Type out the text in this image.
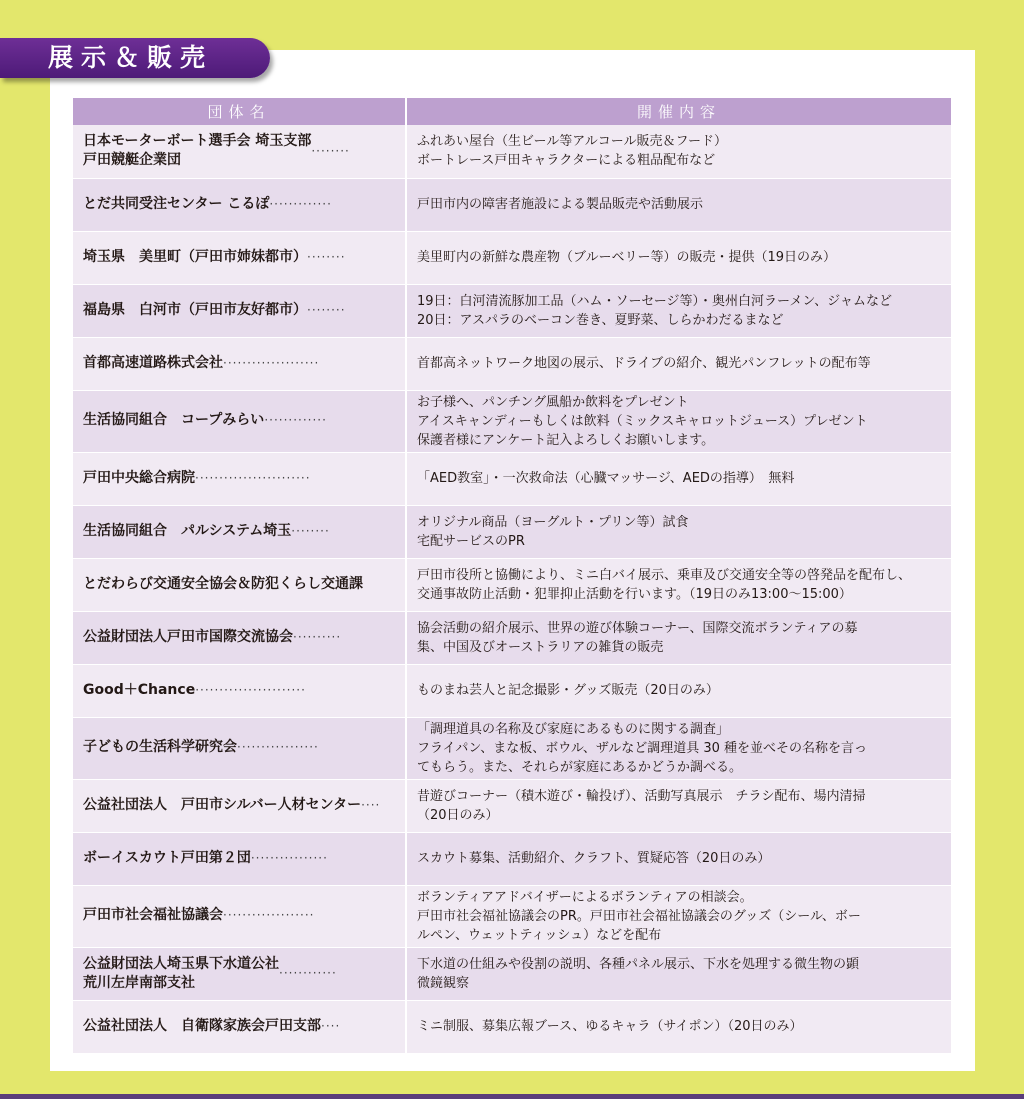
展示＆販売
団体名	開催内容
日本モーターボート選手会 埼玉支部
戸田競艇企業団········	ふれあい屋台（生ビール等アルコール販売＆フード）
ボートレース戸田キャラクターによる粗品配布など

とだ共同受注センター こるぽ·············	戸田市内の障害者施設による製品販売や活動展示

埼玉県　美里町（戸田市姉妹都市）········	美里町内の新鮮な農産物（ブルーベリー等）の販売・提供（19日のみ）

福島県　白河市（戸田市友好都市）········	19日：白河清流豚加工品（ハム・ソーセージ等）・奥州白河ラーメン、ジャムなど
20日：アスパラのベーコン巻き、夏野菜、しらかわだるまなど

首都高速道路株式会社····················	首都高ネットワーク地図の展示、ドライブの紹介、観光パンフレットの配布等

生活協同組合　コープみらい·············	お子様へ、パンチング風船か飲料をプレゼント
アイスキャンディーもしくは飲料（ミックスキャロットジュース）プレゼント
保護者様にアンケート記入よろしくお願いします。

戸田中央総合病院························	「AED教室」・一次救命法（心臓マッサージ、AEDの指導）　無料

生活協同組合　パルシステム埼玉········	オリジナル商品（ヨーグルト・プリン等）試食
宅配サービスのPR

とだわらび交通安全協会＆防犯くらし交通課	戸田市役所と協働により、ミニ白バイ展示、乗車及び交通安全等の啓発品を配布し、
交通事故防止活動・犯罪抑止活動を行います。（19日のみ13:00～15:00）

公益財団法人戸田市国際交流協会··········	協会活動の紹介展示、世界の遊び体験コーナー、国際交流ボランティアの募
集、中国及びオーストラリアの雑貨の販売

Good＋Chance·······················	ものまね芸人と記念撮影・グッズ販売（20日のみ）

子どもの生活科学研究会·················	「調理道具の名称及び家庭にあるものに関する調査」
フライパン、まな板、ボウル、ザルなど調理道具 30 種を並べその名称を言っ
てもらう。また、それらが家庭にあるかどうか調べる。

公益社団法人　戸田市シルバー人材センター····	昔遊びコーナー（積木遊び・輪投げ）、活動写真展示　チラシ配布、場内清掃
（20日のみ）

ボーイスカウト戸田第２団················	スカウト募集、活動紹介、クラフト、質疑応答（20日のみ）

戸田市社会福祉協議会···················	ボランティアアドバイザーによるボランティアの相談会。
戸田市社会福祉協議会のPR。戸田市社会福祉協議会のグッズ（シール、ボー
ルペン、ウェットティッシュ）などを配布

公益財団法人埼玉県下水道公社
荒川左岸南部支社············	下水道の仕組みや役割の説明、各種パネル展示、下水を処理する微生物の顕
微鏡観察

公益社団法人　自衛隊家族会戸田支部····	ミニ制服、募集広報ブース、ゆるキャラ（サイポン）（20日のみ）
